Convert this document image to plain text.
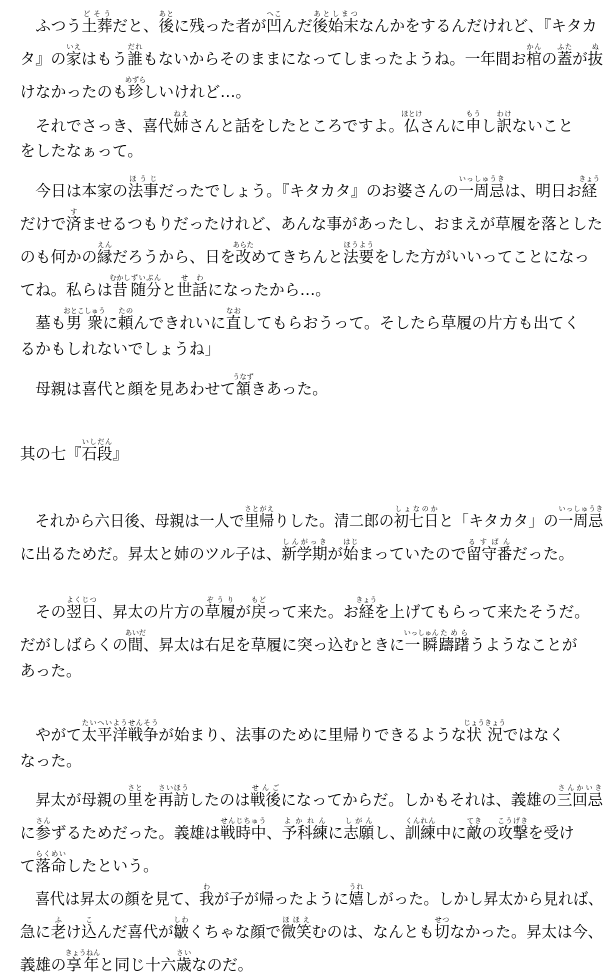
　ふつう土葬どそうだと、後あとに残った者が凹へこんだ後始末あとしまつなんかをするんだけれど、『キタカ
タ』の家いえはもう誰だれもないからそのままになってしまったようね。一年間お棺かんの蓋ふたが抜ぬ
けなかったのも珍めずらしいけれど…。
　それでさっき、喜代姉ねえさんと話をしたところですよ。仏ほとけさんに申もうし訳わけないこと
をしたなぁって。
　今日は本家の法事ほうじだったでしょう。『キタカタ』のお婆さんの一周忌いっしゅうきは、明日お経きょう
だけで済すませるつもりだったけれど、あんな事があったし、おまえが草履を落とした
のも何かの縁えんだろうから、日を改あらためてきちんと法要ほうようをした方がいいってことになっ
てね。私らは昔むかし随分ずいぶんと世話せわになったから…。
　墓も男衆おとこしゅうに頼たのんできれいに直なおしてもらおうって。そしたら草履の片方も出てく
るかもしれないでしょうね」
　母親は喜代と顔を見あわせて頷うなずきあった。
其の七『石段いしだん』
　それから六日後、母親は一人で里さと帰がえりした。清二郎の初七日しょなのかと「キタカタ」の一周忌いっしゅうき
に出るためだ。昇太と姉のツル子は、新学期しんがっきが始はじまっていたので留守番るすばんだった。
　その翌日よくじつ、昇太の片方の草履ぞうりが戻もどって来た。お経きょうを上げてもらって来たそうだ。
だがしばらくの間あいだ、昇太は右足を草履に突っ込むときに一瞬いっしゅん躊躇ためらうようなことが
あった。
　やがて太平洋戦争たいへいようせんそうが始まり、法事のために里帰りできるような状況じょうきょうではなく
なった。
　昇太が母親の里さとを再訪さいほうしたのは戦後せんごになってからだ。しかもそれは、義雄の三回忌さんかいき
に参さんずるためだった。義雄は戦時中せんじちゅう、予科練よかれんに志願しがんし、訓練くんれん中に敵てきの攻撃こうげきを受け
て落命らくめいしたという。
　喜代は昇太の顔を見て、我わが子が帰ったように嬉うれしがった。しかし昇太から見れば、
急に老ふけ込こんだ喜代が皺しわくちゃな顔で微笑ほほえむのは、なんとも切せつなかった。昇太は今、
義雄の享年きょうねんと同じ十六歳さいなのだ。
